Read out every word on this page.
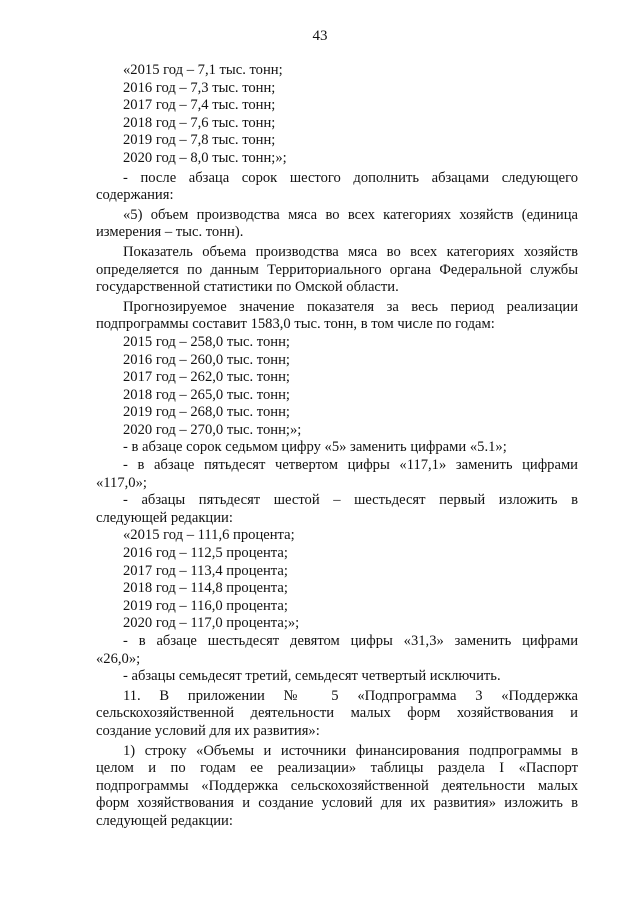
43
«2015 год – 7,1 тыс. тонн;
2016 год – 7,3 тыс. тонн;
2017 год – 7,4 тыс. тонн;
2018 год – 7,6 тыс. тонн;
2019 год – 7,8 тыс. тонн;
2020 год – 8,0 тыс. тонн;»;
- после абзаца сорок шестого дополнить абзацами следующего
содержания:
«5) объем производства мяса во всех категориях хозяйств (единица
измерения – тыс. тонн).
Показатель объема производства мяса во всех категориях хозяйств
определяется по данным Территориального органа Федеральной службы
государственной статистики по Омской области.
Прогнозируемое значение показателя за весь период реализации
подпрограммы составит 1583,0 тыс. тонн, в том числе по годам:
2015 год – 258,0 тыс. тонн;
2016 год – 260,0 тыс. тонн;
2017 год – 262,0 тыс. тонн;
2018 год – 265,0 тыс. тонн;
2019 год – 268,0 тыс. тонн;
2020 год – 270,0 тыс. тонн;»;
- в абзаце сорок седьмом цифру «5» заменить цифрами «5.1»;
- в абзаце пятьдесят четвертом цифры «117,1» заменить цифрами
«117,0»;
- абзацы пятьдесят шестой – шестьдесят первый изложить в
следующей редакции:
«2015 год – 111,6 процента;
2016 год – 112,5 процента;
2017 год – 113,4 процента;
2018 год – 114,8 процента;
2019 год – 116,0 процента;
2020 год – 117,0 процента;»;
- в абзаце шестьдесят девятом цифры «31,3» заменить цифрами
«26,0»;
- абзацы семьдесят третий, семьдесят четвертый исключить.
11. В приложении № 5 «Подпрограмма 3 «Поддержка
сельскохозяйственной деятельности малых форм хозяйствования и
создание условий для их развития»:
1) строку «Объемы и источники финансирования подпрограммы в
целом и по годам ее реализации» таблицы раздела I «Паспорт
подпрограммы «Поддержка сельскохозяйственной деятельности малых
форм хозяйствования и создание условий для их развития» изложить в
следующей редакции:
